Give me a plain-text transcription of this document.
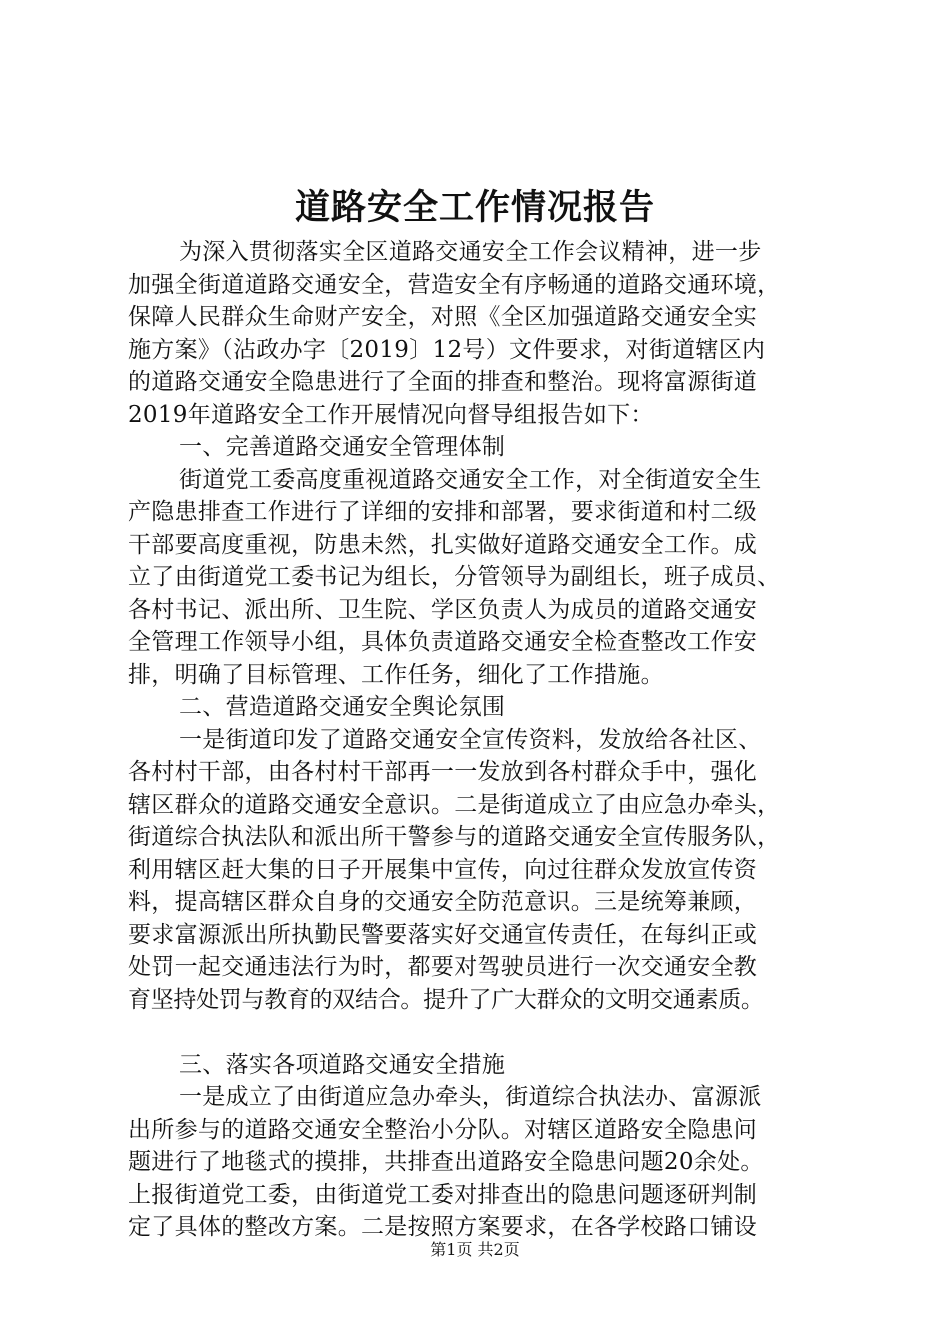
道路安全工作情况报告
为深入贯彻落实全区道路交通安全工作会议精神，进一步
加强全街道道路交通安全，营造安全有序畅通的道路交通环境，
保障人民群众生命财产安全，对照《全区加强道路交通安全实
施方案》（沾政办字〔2019〕12号）文件要求，对街道辖区内
的道路交通安全隐患进行了全面的排查和整治。现将富源街道
2019年道路安全工作开展情况向督导组报告如下：
一、完善道路交通安全管理体制
街道党工委高度重视道路交通安全工作，对全街道安全生
产隐患排查工作进行了详细的安排和部署，要求街道和村二级
干部要高度重视，防患未然，扎实做好道路交通安全工作。成
立了由街道党工委书记为组长，分管领导为副组长，班子成员、
各村书记、派出所、卫生院、学区负责人为成员的道路交通安
全管理工作领导小组，具体负责道路交通安全检查整改工作安
排，明确了目标管理、工作任务，细化了工作措施。
二、营造道路交通安全舆论氛围
一是街道印发了道路交通安全宣传资料，发放给各社区、
各村村干部，由各村村干部再一一发放到各村群众手中，强化
辖区群众的道路交通安全意识。二是街道成立了由应急办牵头，
街道综合执法队和派出所干警参与的道路交通安全宣传服务队，
利用辖区赶大集的日子开展集中宣传，向过往群众发放宣传资
料，提高辖区群众自身的交通安全防范意识。三是统筹兼顾，
要求富源派出所执勤民警要落实好交通宣传责任，在每纠正或
处罚一起交通违法行为时，都要对驾驶员进行一次交通安全教
育坚持处罚与教育的双结合。提升了广大群众的文明交通素质。
三、落实各项道路交通安全措施
一是成立了由街道应急办牵头，街道综合执法办、富源派
出所参与的道路交通安全整治小分队。对辖区道路安全隐患问
题进行了地毯式的摸排，共排查出道路安全隐患问题20余处。
上报街道党工委，由街道党工委对排查出的隐患问题逐研判制
定了具体的整改方案。二是按照方案要求，在各学校路口铺设
第1页 共2页
